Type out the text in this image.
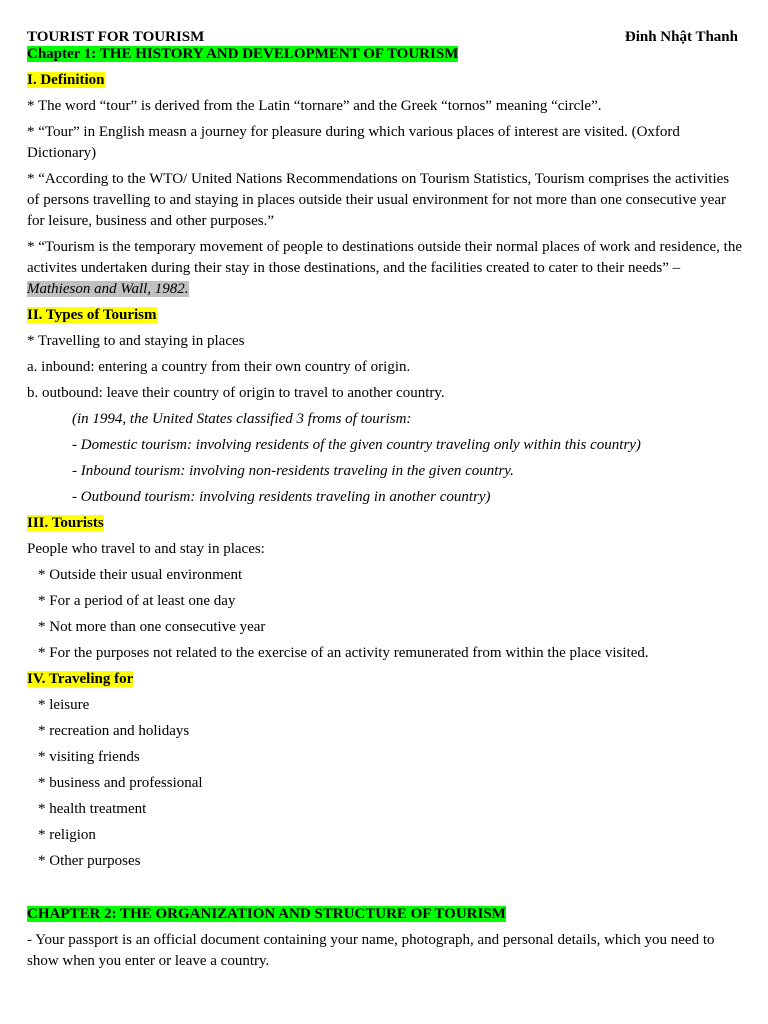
TOURIST FOR TOURISM	Đinh Nhật Thanh
Chapter 1: THE HISTORY AND DEVELOPMENT OF TOURISM

I. Definition

* The word “tour” is derived from the Latin “tornare” and the Greek “tornos” meaning “circle”.

* “Tour” in English measn a journey for pleasure during which various places of interest are visited. (Oxford Dictionary)

* “According to the WTO/ United Nations Recommendations on Tourism Statistics, Tourism comprises the activities of persons travelling to and staying in places outside their usual environment for not more than one consecutive year for leisure, business and other purposes.”

* “Tourism is the temporary movement of people to destinations outside their normal places of work and residence, the activites undertaken during their stay in those destinations, and the facilities created to cater to their needs” – Mathieson and Wall, 1982.

II. Types of Tourism

* Travelling to and staying in places

a. inbound: entering a country from their own country of origin.

b. outbound: leave their country of origin to travel to another country.

(in 1994, the United States classified 3 froms of tourism:

- Domestic tourism: involving residents of the given country traveling only within this country)

- Inbound tourism: involving non-residents traveling in the given country.

- Outbound tourism: involving residents traveling in another country)

III. Tourists

People who travel to and stay in places:

* Outside their usual environment

* For a period of at least one day

* Not more than one consecutive year

* For the purposes not related to the exercise of an activity remunerated from within the place visited.

IV. Traveling for

* leisure

* recreation and holidays

* visiting friends

* business and professional

* health treatment

* religion

* Other purposes

CHAPTER 2: THE ORGANIZATION AND STRUCTURE OF TOURISM

- Your passport is an official document containing your name, photograph, and personal details, which you need to show when you enter or leave a country.
